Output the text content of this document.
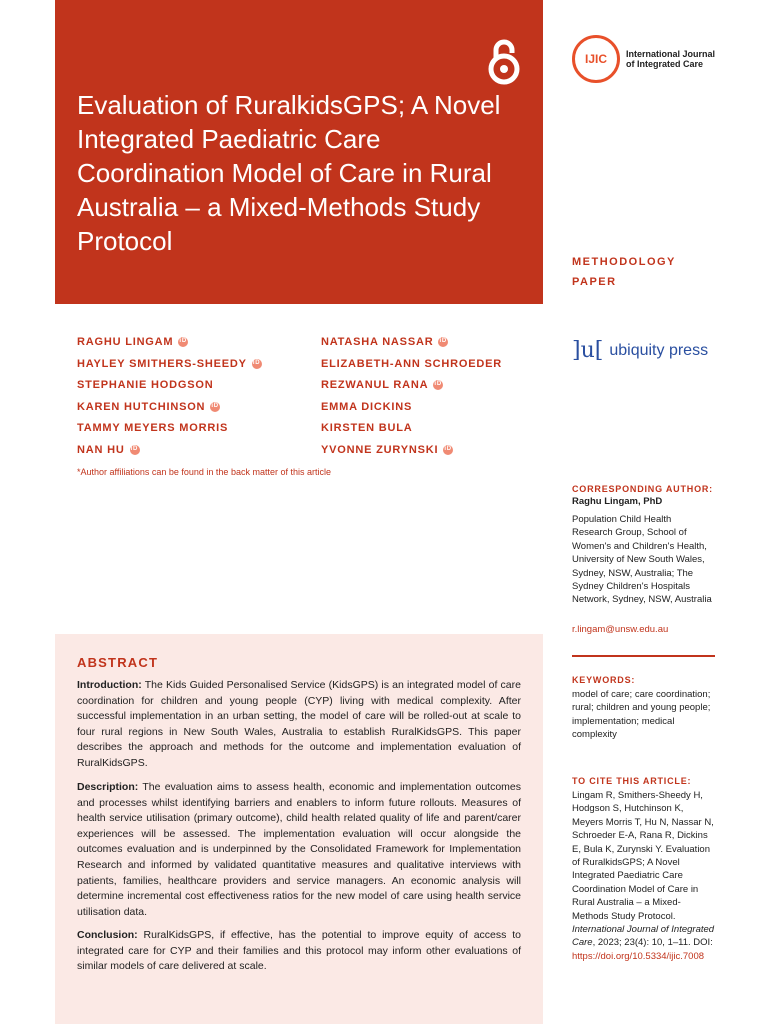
Evaluation of RuralkidsGPS; A Novel Integrated Paediatric Care Coordination Model of Care in Rural Australia – a Mixed-Methods Study Protocol
IJIC International Journal of Integrated Care
METHODOLOGY PAPER
RAGHU LINGAM
iD
HAYLEY SMITHERS-SHEEDY
iD
STEPHANIE HODGSON
KAREN HUTCHINSON
iD
TAMMY MEYERS MORRIS
NAN HU
iD
NATASHA NASSAR
iD
ELIZABETH-ANN SCHROEDER
REZWANUL RANA
iD
EMMA DICKINS
KIRSTEN BULA
YVONNE ZURYNSKI
iD
*Author affiliations can be found in the back matter of this article
]u[ ubiquity press
CORRESPONDING AUTHOR:
Raghu Lingam, PhD
Population Child Health Research Group, School of Women's and Children's Health, University of New South Wales, Sydney, NSW, Australia; The Sydney Children's Hospitals Network, Sydney, NSW, Australia
r.lingam@unsw.edu.au
KEYWORDS:
model of care; care coordination; rural; children and young people; implementation; medical complexity
TO CITE THIS ARTICLE:
Lingam R, Smithers-Sheedy H, Hodgson S, Hutchinson K, Meyers Morris T, Hu N, Nassar N, Schroeder E-A, Rana R, Dickins E, Bula K, Zurynski Y. Evaluation of RuralkidsGPS; A Novel Integrated Paediatric Care Coordination Model of Care in Rural Australia – a Mixed-Methods Study Protocol. International Journal of Integrated Care, 2023; 23(4): 10, 1–11. DOI: https://doi.org/10.5334/ijic.7008
ABSTRACT

Introduction: The Kids Guided Personalised Service (KidsGPS) is an integrated model of care coordination for children and young people (CYP) living with medical complexity. After successful implementation in an urban setting, the model of care will be rolled-out at scale to four rural regions in New South Wales, Australia to establish RuralKidsGPS. This paper describes the approach and methods for the outcome and implementation evaluation of RuralKidsGPS.

Description: The evaluation aims to assess health, economic and implementation outcomes and processes whilst identifying barriers and enablers to inform future rollouts. Measures of health service utilisation (primary outcome), child health related quality of life and parent/carer experiences will be assessed. The implementation evaluation will occur alongside the outcomes evaluation and is underpinned by the Consolidated Framework for Implementation Research and informed by validated quantitative measures and qualitative interviews with patients, families, healthcare providers and service managers. An economic analysis will determine incremental cost effectiveness ratios for the new model of care using health service utilisation data.

Conclusion: RuralKidsGPS, if effective, has the potential to improve equity of access to integrated care for CYP and their families and this protocol may inform other evaluations of similar models of care delivered at scale.
